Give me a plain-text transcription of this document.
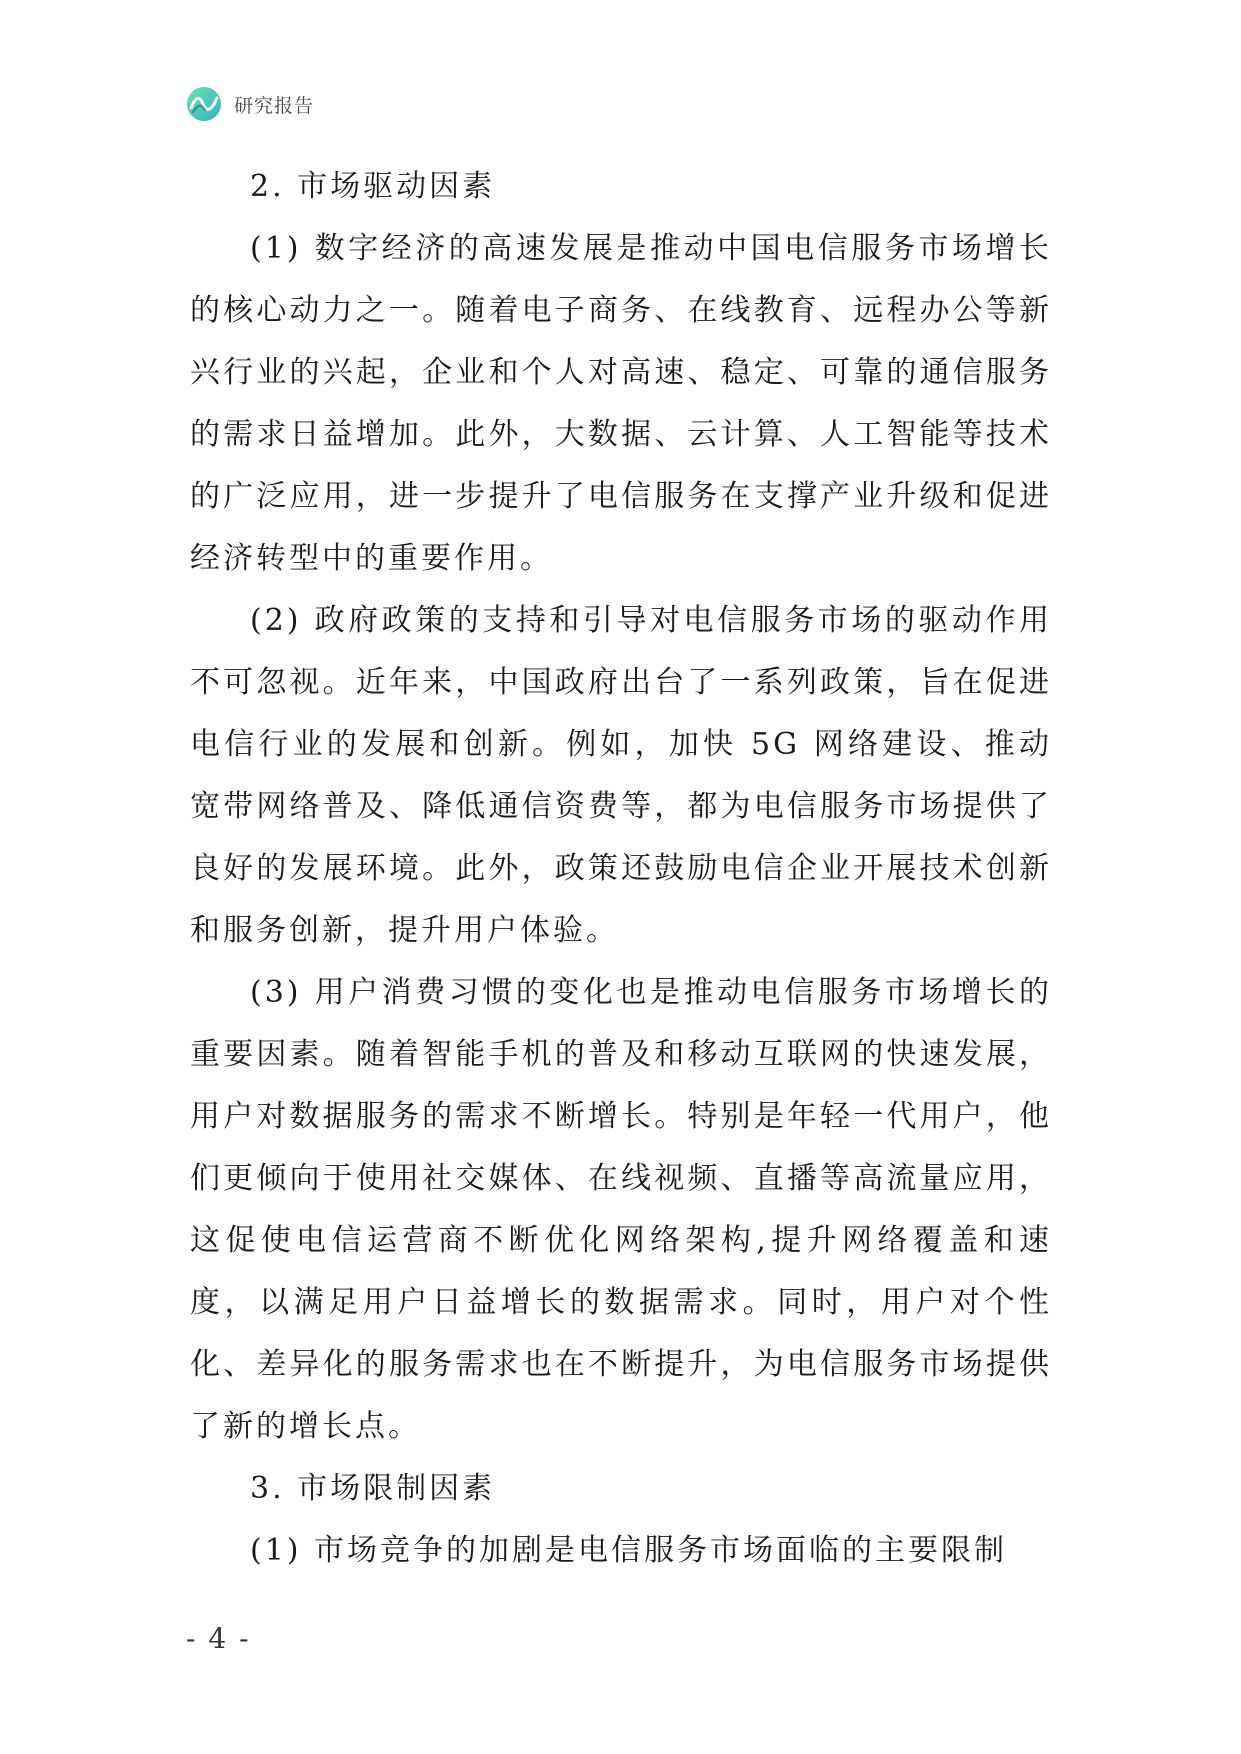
研究报告
2. 市场驱动因素

(1) 数字经济的高速发展是推动中国电信服务市场增长的核心动力之一。随着电子商务、在线教育、远程办公等新兴行业的兴起，企业和个人对高速、稳定、可靠的通信服务的需求日益增加。此外，大数据、云计算、人工智能等技术的广泛应用，进一步提升了电信服务在支撑产业升级和促进经济转型中的重要作用。

(2) 政府政策的支持和引导对电信服务市场的驱动作用不可忽视。近年来，中国政府出台了一系列政策，旨在促进电信行业的发展和创新。例如，加快 5G 网络建设、推动宽带网络普及、降低通信资费等，都为电信服务市场提供了良好的发展环境。此外，政策还鼓励电信企业开展技术创新和服务创新，提升用户体验。

(3) 用户消费习惯的变化也是推动电信服务市场增长的重要因素。随着智能手机的普及和移动互联网的快速发展，用户对数据服务的需求不断增长。特别是年轻一代用户，他们更倾向于使用社交媒体、在线视频、直播等高流量应用，这促使电信运营商不断优化网络架构,提升网络覆盖和速度，以满足用户日益增长的数据需求。同时，用户对个性化、差异化的服务需求也在不断提升，为电信服务市场提供了新的增长点。

3. 市场限制因素

(1) 市场竞争的加剧是电信服务市场面临的主要限制

- 4 -
